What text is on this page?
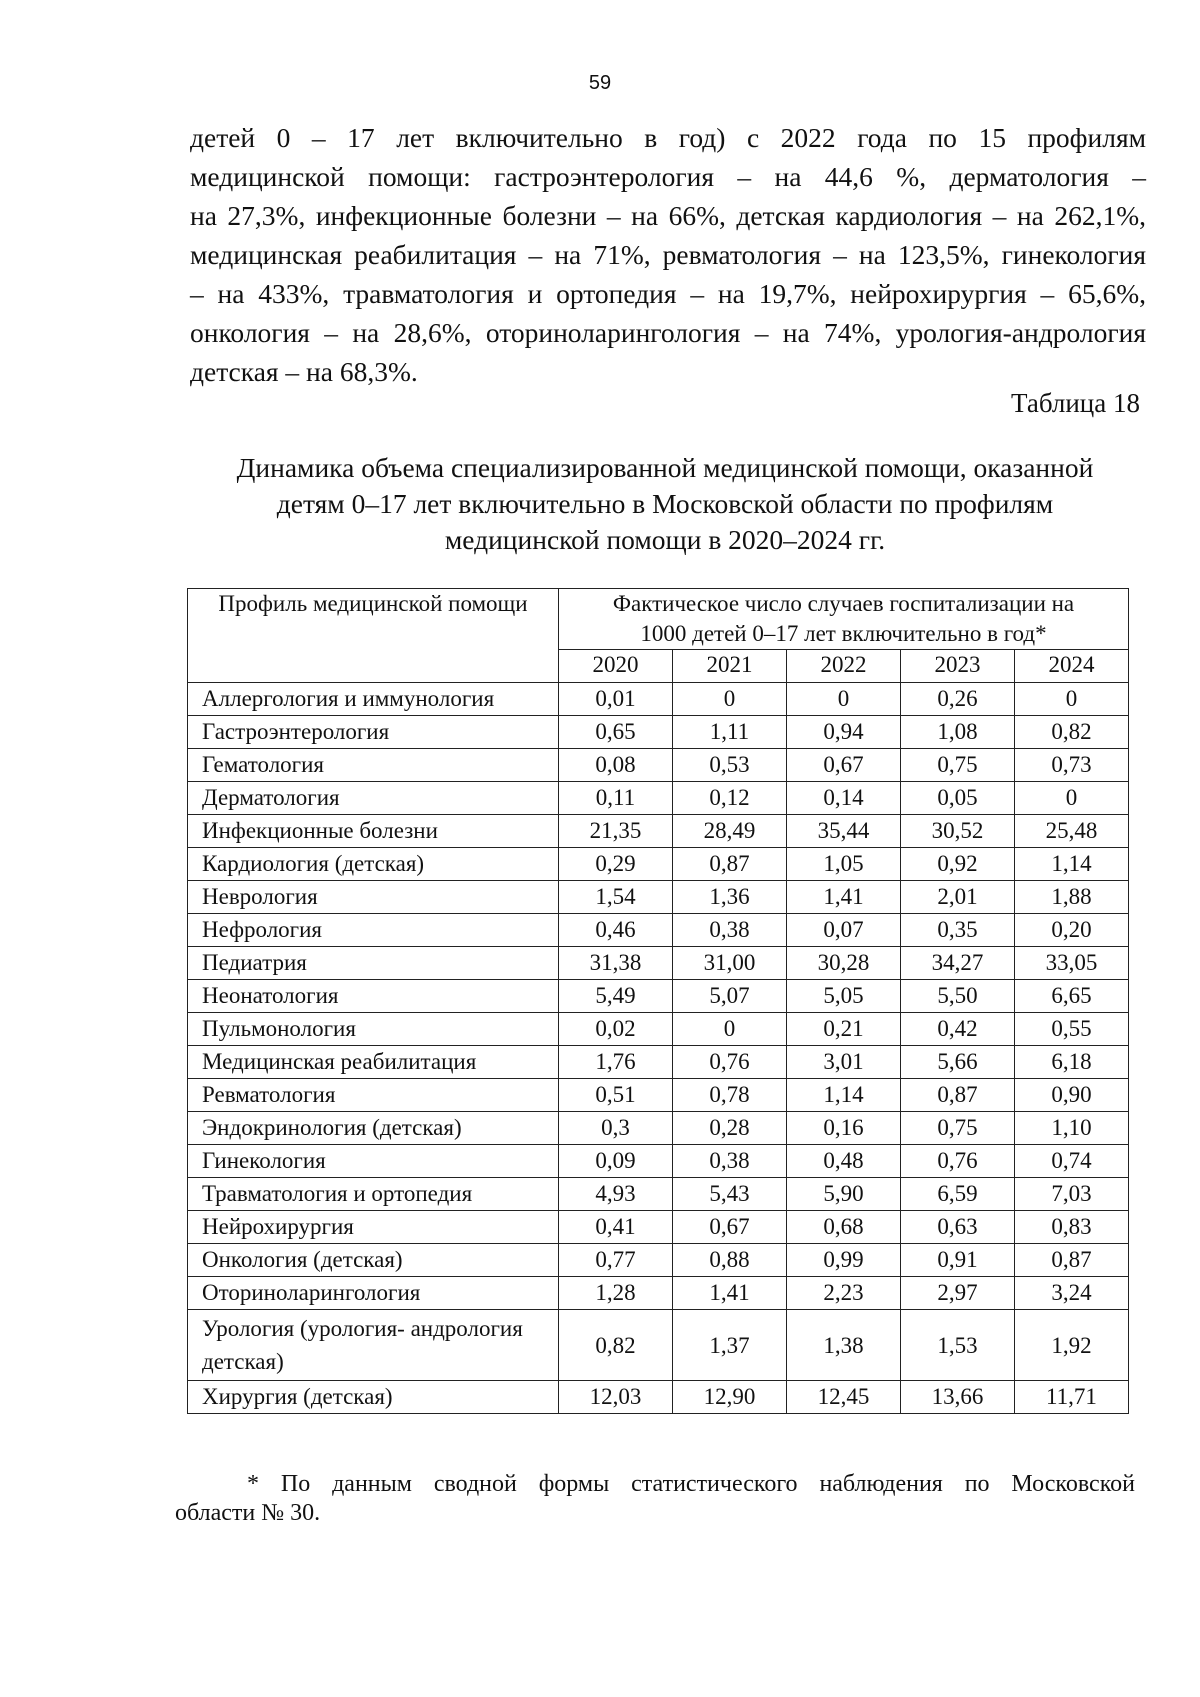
59
детей 0 – 17 лет включительно в год) с 2022 года по 15 профилям
медицинской помощи: гастроэнтерология – на 44,6 %, дерматология –
на 27,3%, инфекционные болезни – на 66%, детская кардиология – на 262,1%,
медицинская реабилитация – на 71%, ревматология – на 123,5%, гинекология
– на 433%, травматология и ортопедия – на 19,7%, нейрохирургия – 65,6%,
онкология – на 28,6%, оториноларингология – на 74%, урология-андрология
детская – на 68,3%.
Таблица 18
Динамика объема специализированной медицинской помощи, оказанной
детям 0–17 лет включительно в Московской области по профилям
медицинской помощи в 2020–2024 гг.
Профиль медицинской помощи	Фактическое число случаев госпитализации на
1000 детей 0–17 лет включительно в год*				

	2020	2021	2022	2023	2024
Аллергология и иммунология	0,01	0	0	0,26	0
Гастроэнтерология	0,65	1,11	0,94	1,08	0,82
Гематология	0,08	0,53	0,67	0,75	0,73
Дерматология	0,11	0,12	0,14	0,05	0
Инфекционные болезни	21,35	28,49	35,44	30,52	25,48
Кардиология (детская)	0,29	0,87	1,05	0,92	1,14
Неврология	1,54	1,36	1,41	2,01	1,88
Нефрология	0,46	0,38	0,07	0,35	0,20
Педиатрия	31,38	31,00	30,28	34,27	33,05
Неонатология	5,49	5,07	5,05	5,50	6,65
Пульмонология	0,02	0	0,21	0,42	0,55
Медицинская реабилитация	1,76	0,76	3,01	5,66	6,18
Ревматология	0,51	0,78	1,14	0,87	0,90
Эндокринология (детская)	0,3	0,28	0,16	0,75	1,10
Гинекология	0,09	0,38	0,48	0,76	0,74
Травматология и ортопедия	4,93	5,43	5,90	6,59	7,03
Нейрохирургия	0,41	0,67	0,68	0,63	0,83
Онкология (детская)	0,77	0,88	0,99	0,91	0,87
Оториноларингология	1,28	1,41	2,23	2,97	3,24

Урология (урология- андрология
детская)	0,82	1,37	1,38	1,53	1,92
Хирургия (детская)	12,03	12,90	12,45	13,66	11,71
* По данным сводной формы статистического наблюдения по Московской
области № 30.
